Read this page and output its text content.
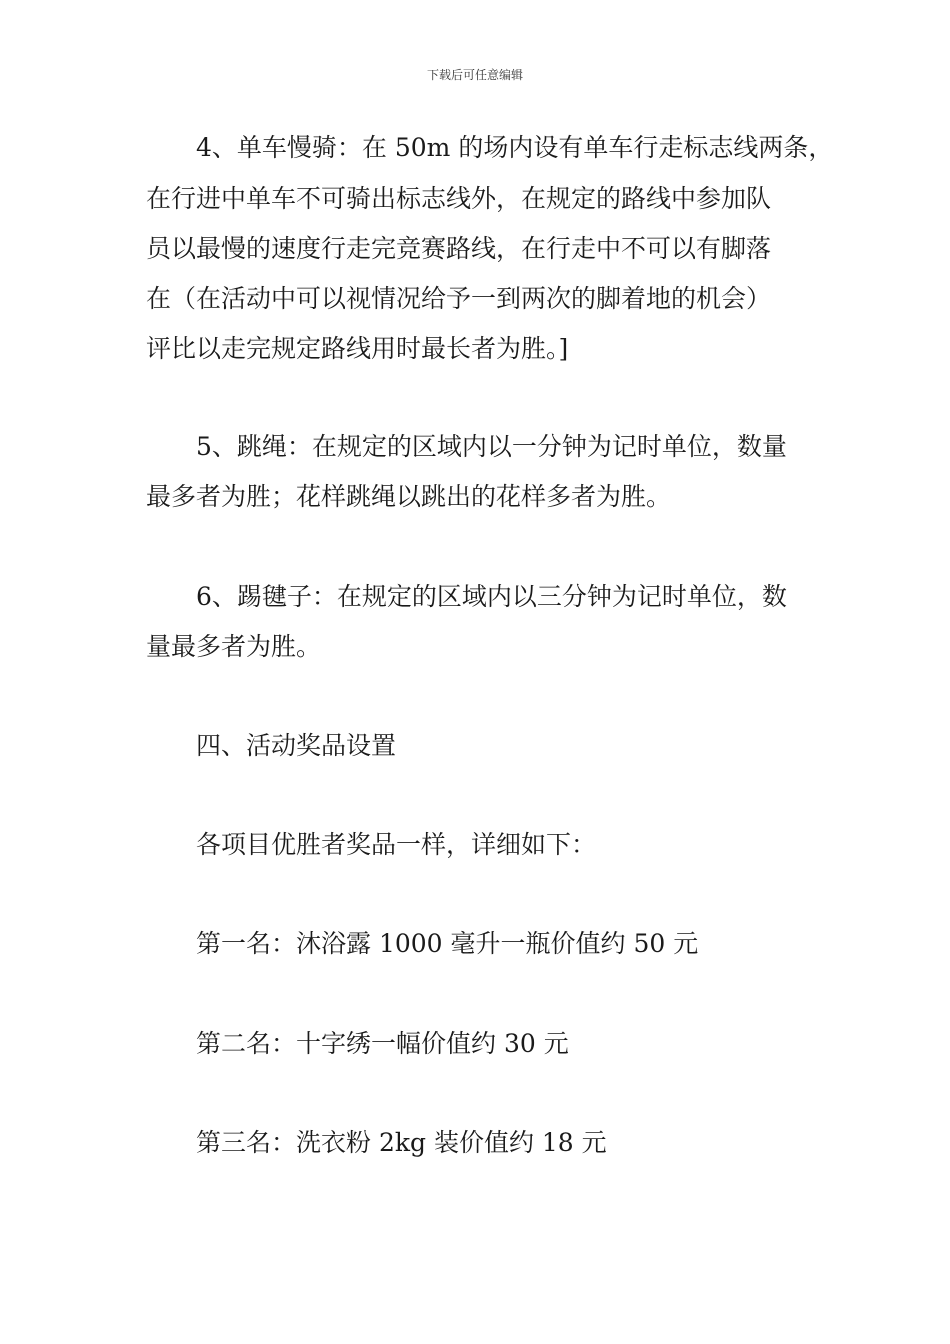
下载后可任意编辑
4、单车慢骑：在 50m 的场内设有单车行走标志线两条，
在行进中单车不可骑出标志线外，在规定的路线中参加队
员以最慢的速度行走完竞赛路线，在行走中不可以有脚落
在（在活动中可以视情况给予一到两次的脚着地的机会）
评比以走完规定路线用时最长者为胜。]
5、跳绳：在规定的区域内以一分钟为记时单位，数量
最多者为胜；花样跳绳以跳出的花样多者为胜。
6、踢毽子：在规定的区域内以三分钟为记时单位，数
量最多者为胜。
四、活动奖品设置
各项目优胜者奖品一样，详细如下：
第一名：沐浴露 1000 毫升一瓶价值约 50 元
第二名：十字绣一幅价值约 30 元
第三名：洗衣粉 2kg 装价值约 18 元
